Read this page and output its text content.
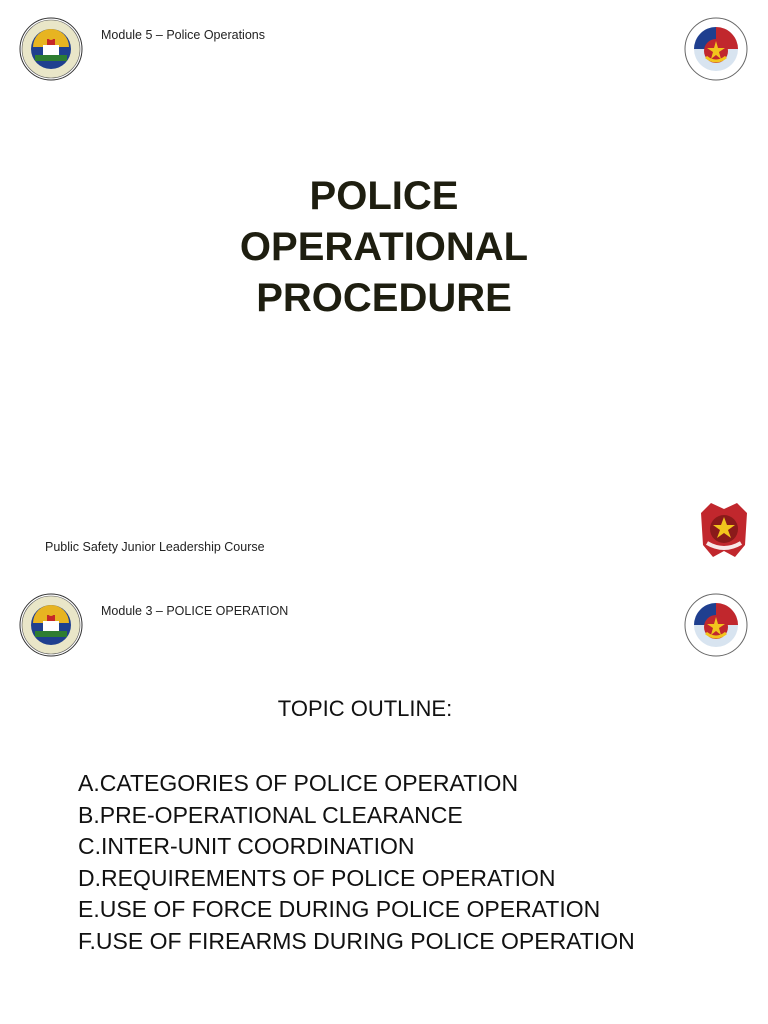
Module 5 – Police Operations
POLICE
OPERATIONAL
PROCEDURE
Public Safety Junior Leadership Course
Module 3 – POLICE OPERATION
TOPIC OUTLINE:
A.CATEGORIES OF POLICE OPERATION
B.PRE-OPERATIONAL CLEARANCE
C.INTER-UNIT COORDINATION
D.REQUIREMENTS OF POLICE OPERATION
E.USE OF FORCE DURING POLICE OPERATION
F.USE OF FIREARMS DURING POLICE OPERATION
